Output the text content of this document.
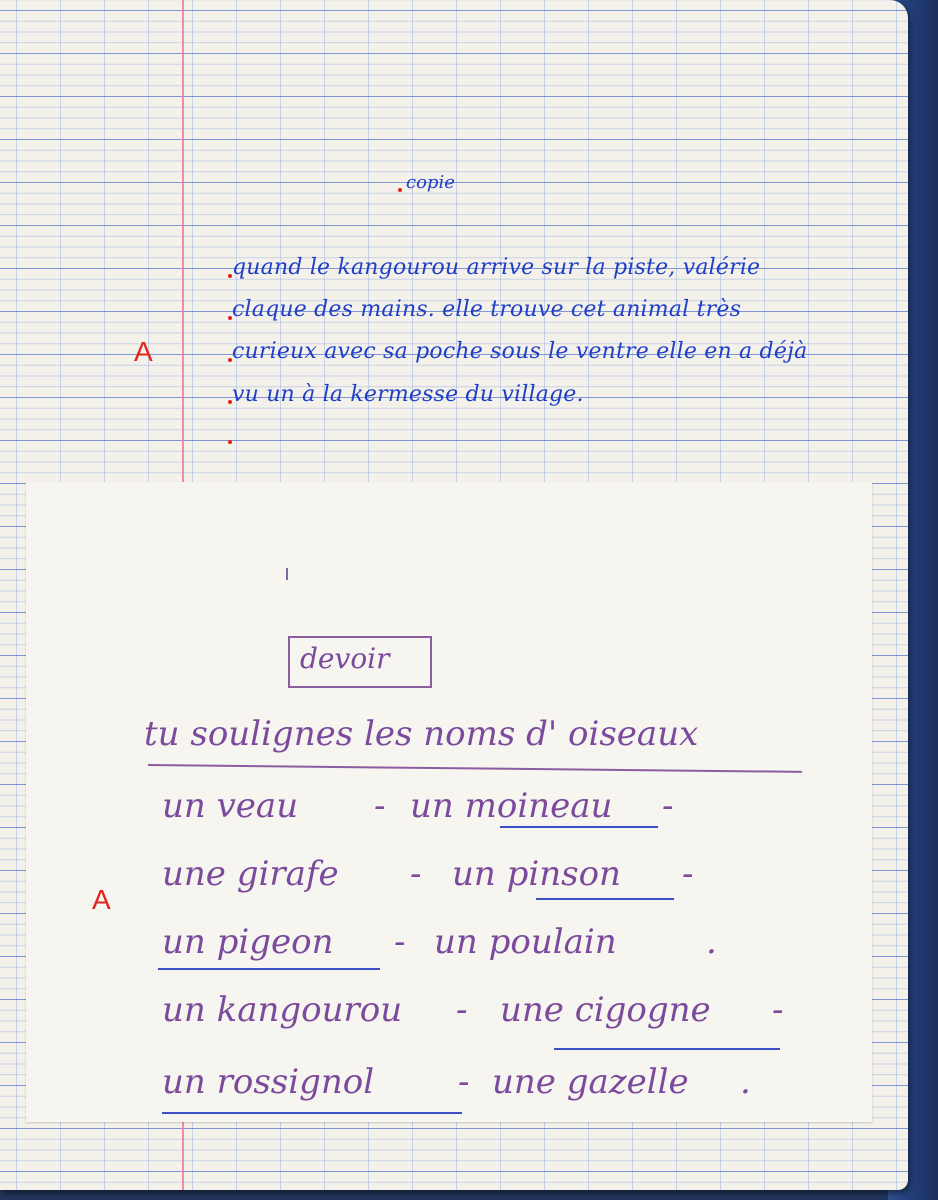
copie
quand le kangourou arrive sur la piste, valérie
claque des mains. elle trouve cet animal très
curieux avec sa poche sous le ventre elle en a déjà
vu un à la kermesse du village.
A
devoir
tu soulignes les noms d' oiseaux
un veau - un moineau -
une girafe - un pinson -
un pigeon - un poulain	.
un kangourou - une cigogne -
un rossignol - une gazelle .
A
